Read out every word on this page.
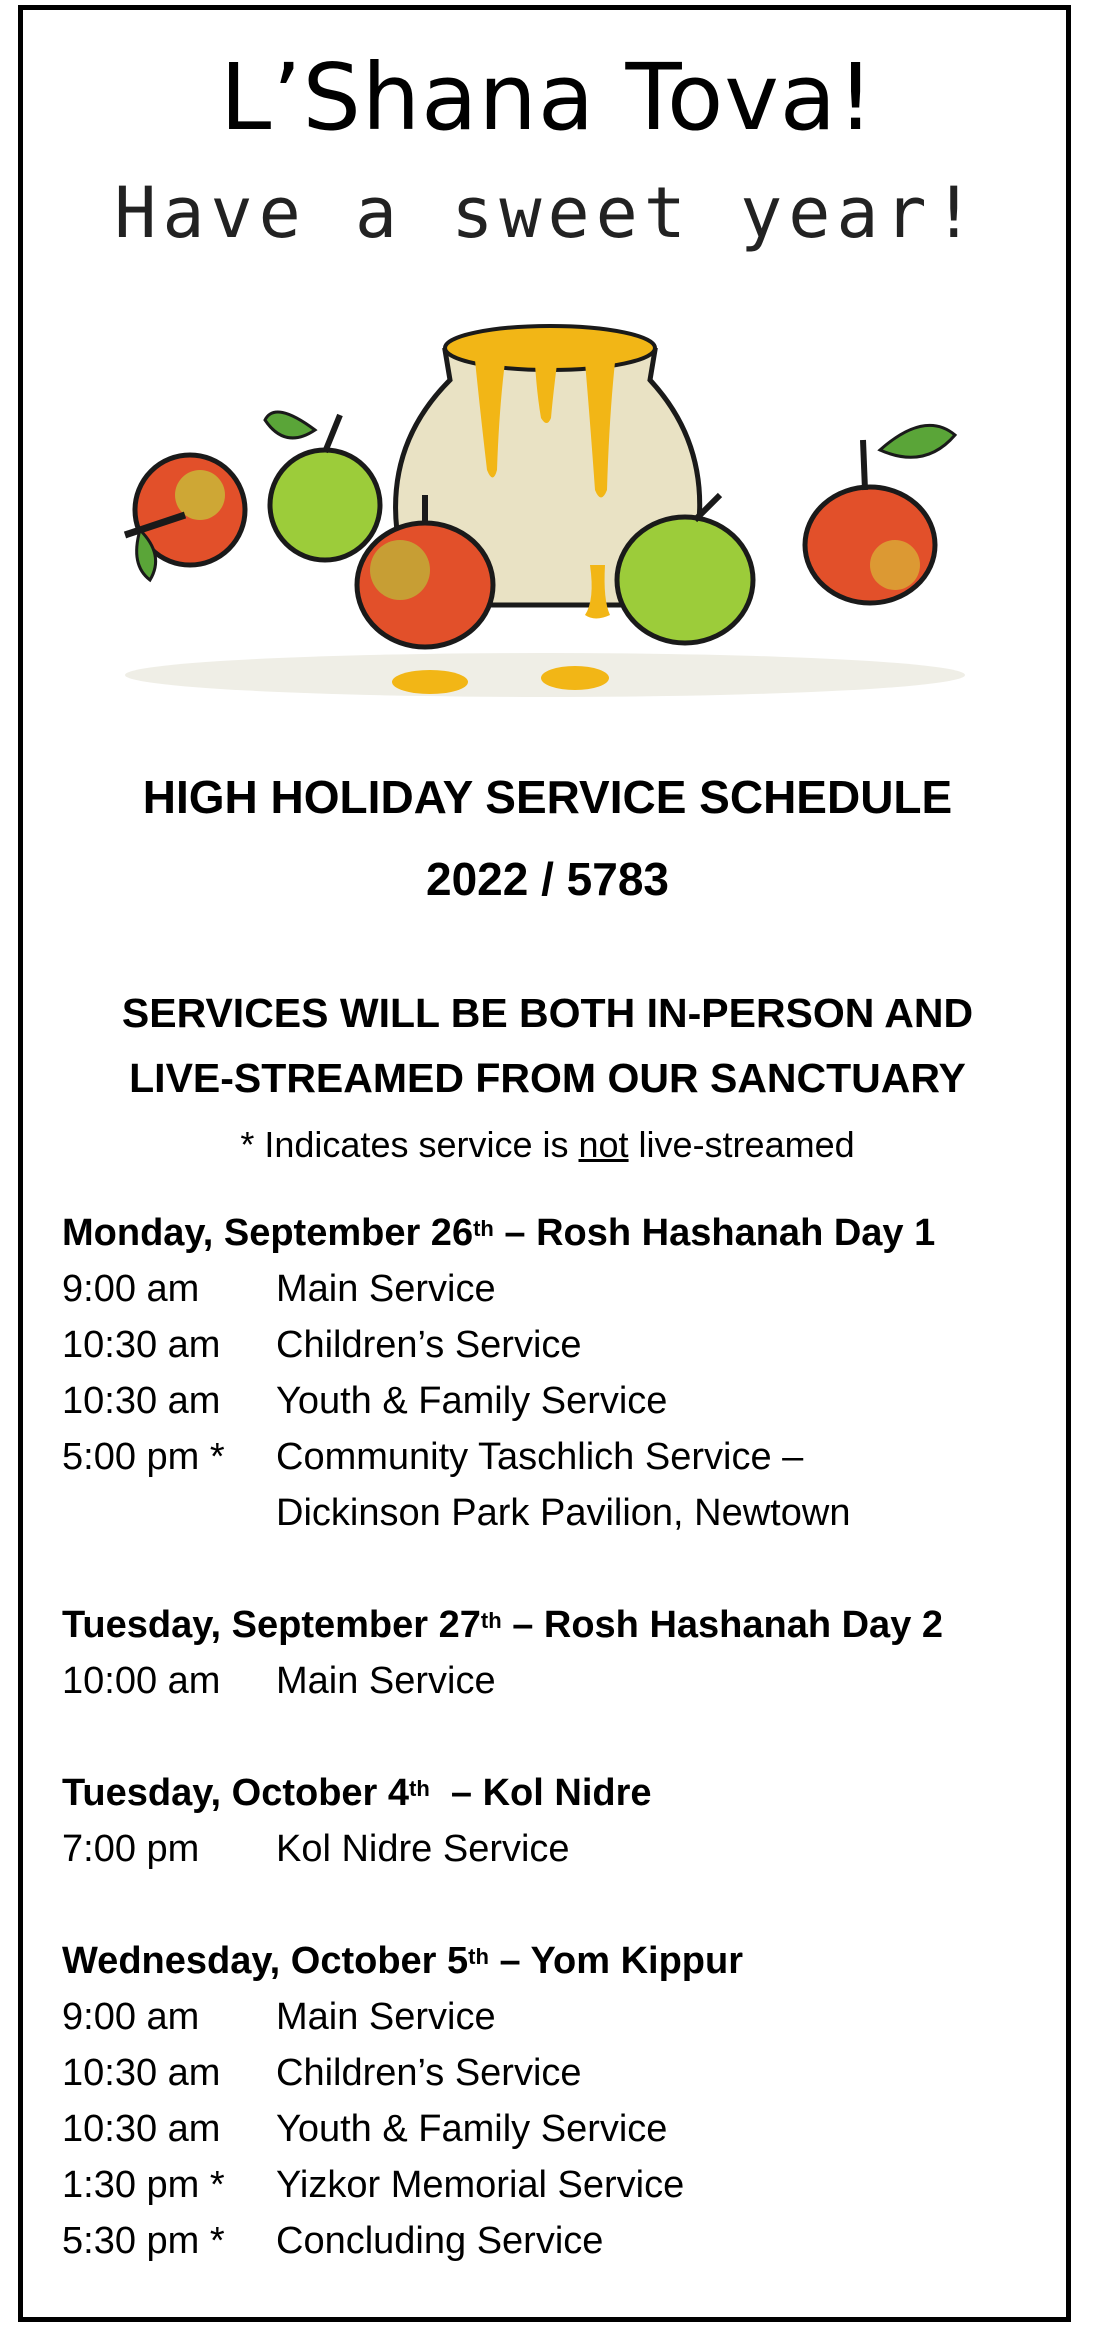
L’Shana Tova!
Have a sweet year!
HIGH HOLIDAY SERVICE SCHEDULE
2022 / 5783
SERVICES WILL BE BOTH IN-PERSON AND
LIVE-STREAMED FROM OUR SANCTUARY
* Indicates service is not live-streamed
Monday, September 26th – Rosh Hashanah Day 1
9:00 am	Main Service
10:30 am	Children’s Service
10:30 am	Youth & Family Service
5:00 pm *	Community Taschlich Service –
Dickinson Park Pavilion, Newtown
Tuesday, September 27th – Rosh Hashanah Day 2
10:00 am	Main Service
Tuesday, October 4th  – Kol Nidre
7:00 pm	Kol Nidre Service
Wednesday, October 5th – Yom Kippur
9:00 am	Main Service
10:30 am	Children’s Service
10:30 am	Youth & Family Service
1:30 pm *	Yizkor Memorial Service
5:30 pm *	Concluding Service
